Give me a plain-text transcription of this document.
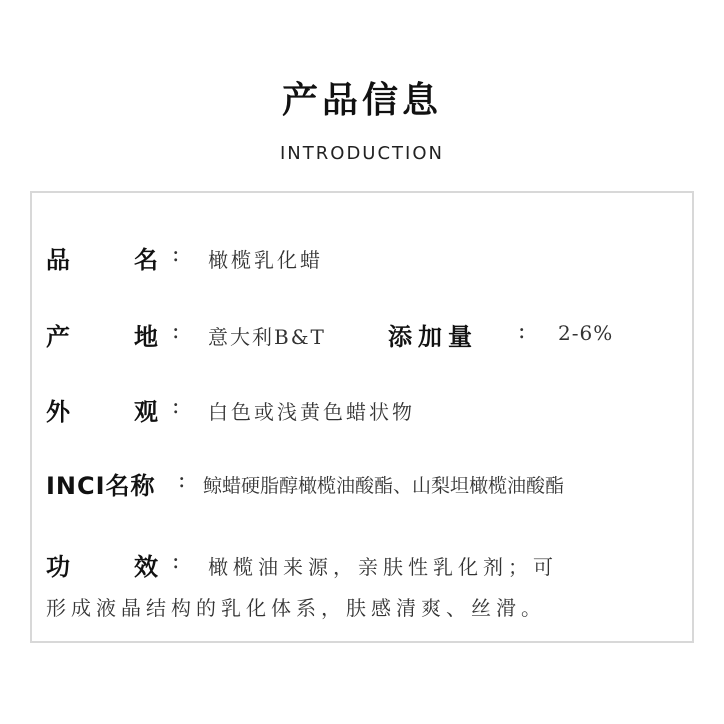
产品信息
INTRODUCTION
品	名 : 橄榄乳化蜡
产	地 : 意大利B&T	添加量 : 2-6%
外	观 : 白色或浅黄色蜡状物
INCI名称 : 鲸蜡硬脂醇橄榄油酸酯、山梨坦橄榄油酸酯
功	效 : 橄榄油来源，亲肤性乳化剂；可
形成液晶结构的乳化体系，肤感清爽、丝滑。
